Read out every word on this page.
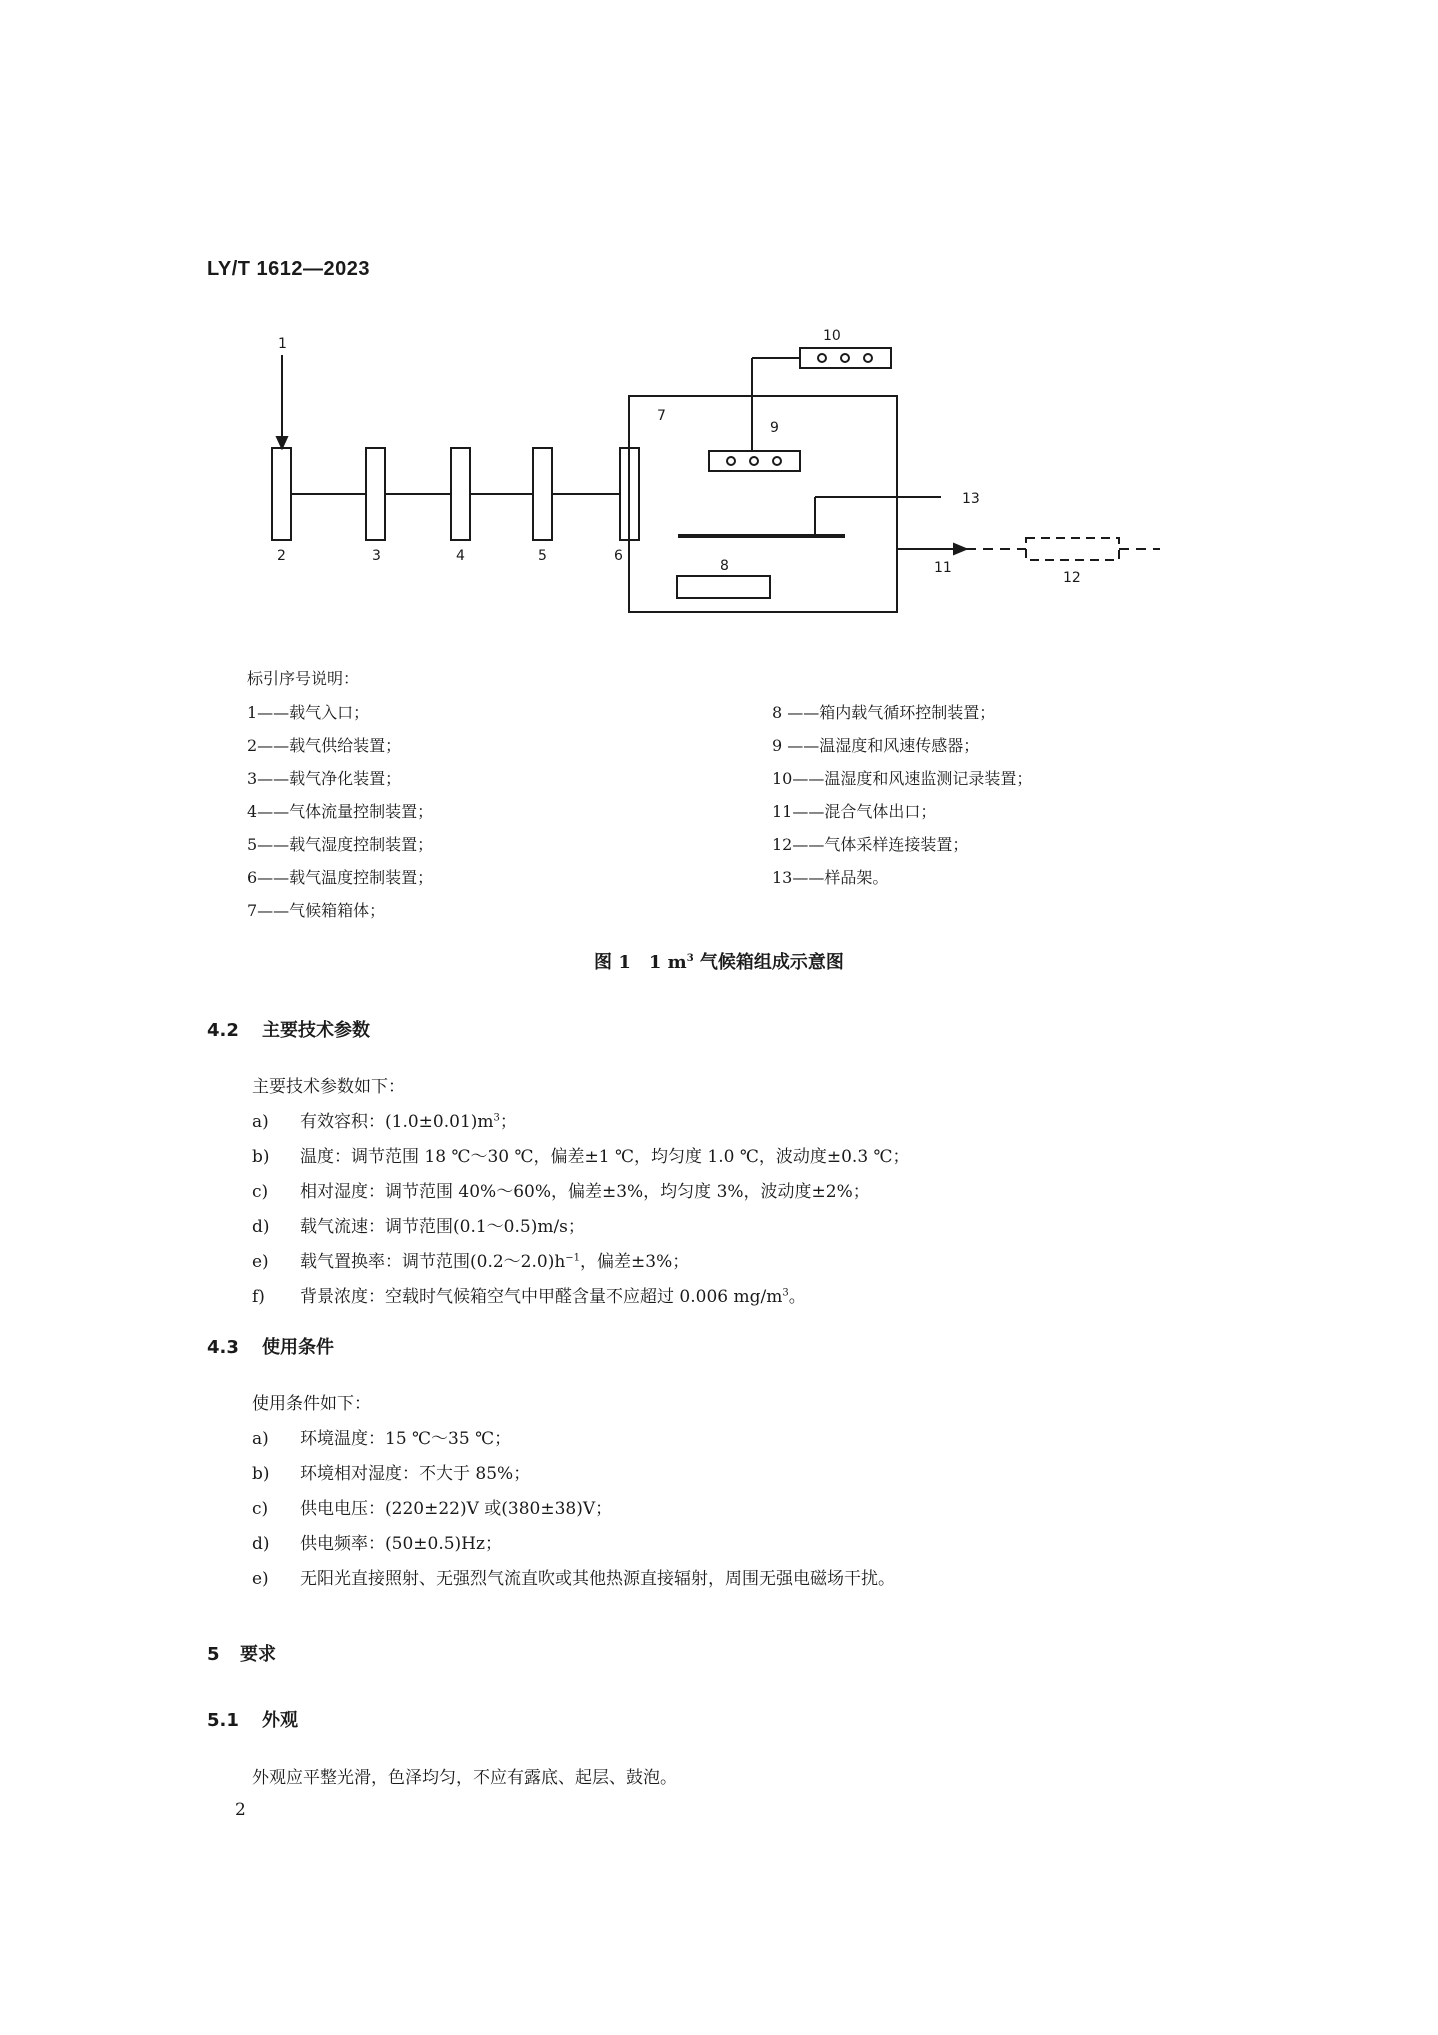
LY/T 1612—2023
1
2	3	4	5	6
7
8
9
10
11
12
13
标引序号说明：
1——载气入口；
2——载气供给装置；
3——载气净化装置；
4——气体流量控制装置；
5——载气湿度控制装置；
6——载气温度控制装置；
7——气候箱箱体；
8 ——箱内载气循环控制装置；
9 ——温湿度和风速传感器；
10——温湿度和风速监测记录装置；
11——混合气体出口；
12——气体采样连接装置；
13——样品架。
图 1　1 $m^3$ 气候箱组成示意图
4.2 主要技术参数
主要技术参数如下：
a) 有效容积：$(1.0\pm 0.01)m^3$；
b) 温度：调节范围 18 ℃～30 ℃，偏差±1 ℃，均匀度 1.0 ℃，波动度±0.3 ℃；
c) 相对湿度：调节范围 40%～60%，偏差±3%，均匀度 3%，波动度±2%；
d) 载气流速：调节范围(0.1～0.5)m/s；
e) 载气置换率：调节范围$(0.2\sim 2.0)h^{-1}$，偏差±3%；
f) 背景浓度：空载时气候箱空气中甲醛含量不应超过 0.006 $mg/m^3$。
4.3 使用条件
使用条件如下：
a) 环境温度：15 ℃～35 ℃；
b) 环境相对湿度：不大于 85%；
c) 供电电压：(220±22)V 或(380±38)V；
d) 供电频率：(50±0.5)Hz；
e) 无阳光直接照射、无强烈气流直吹或其他热源直接辐射，周围无强电磁场干扰。
5 要求
5.1 外观
外观应平整光滑，色泽均匀，不应有露底、起层、鼓泡。
2
